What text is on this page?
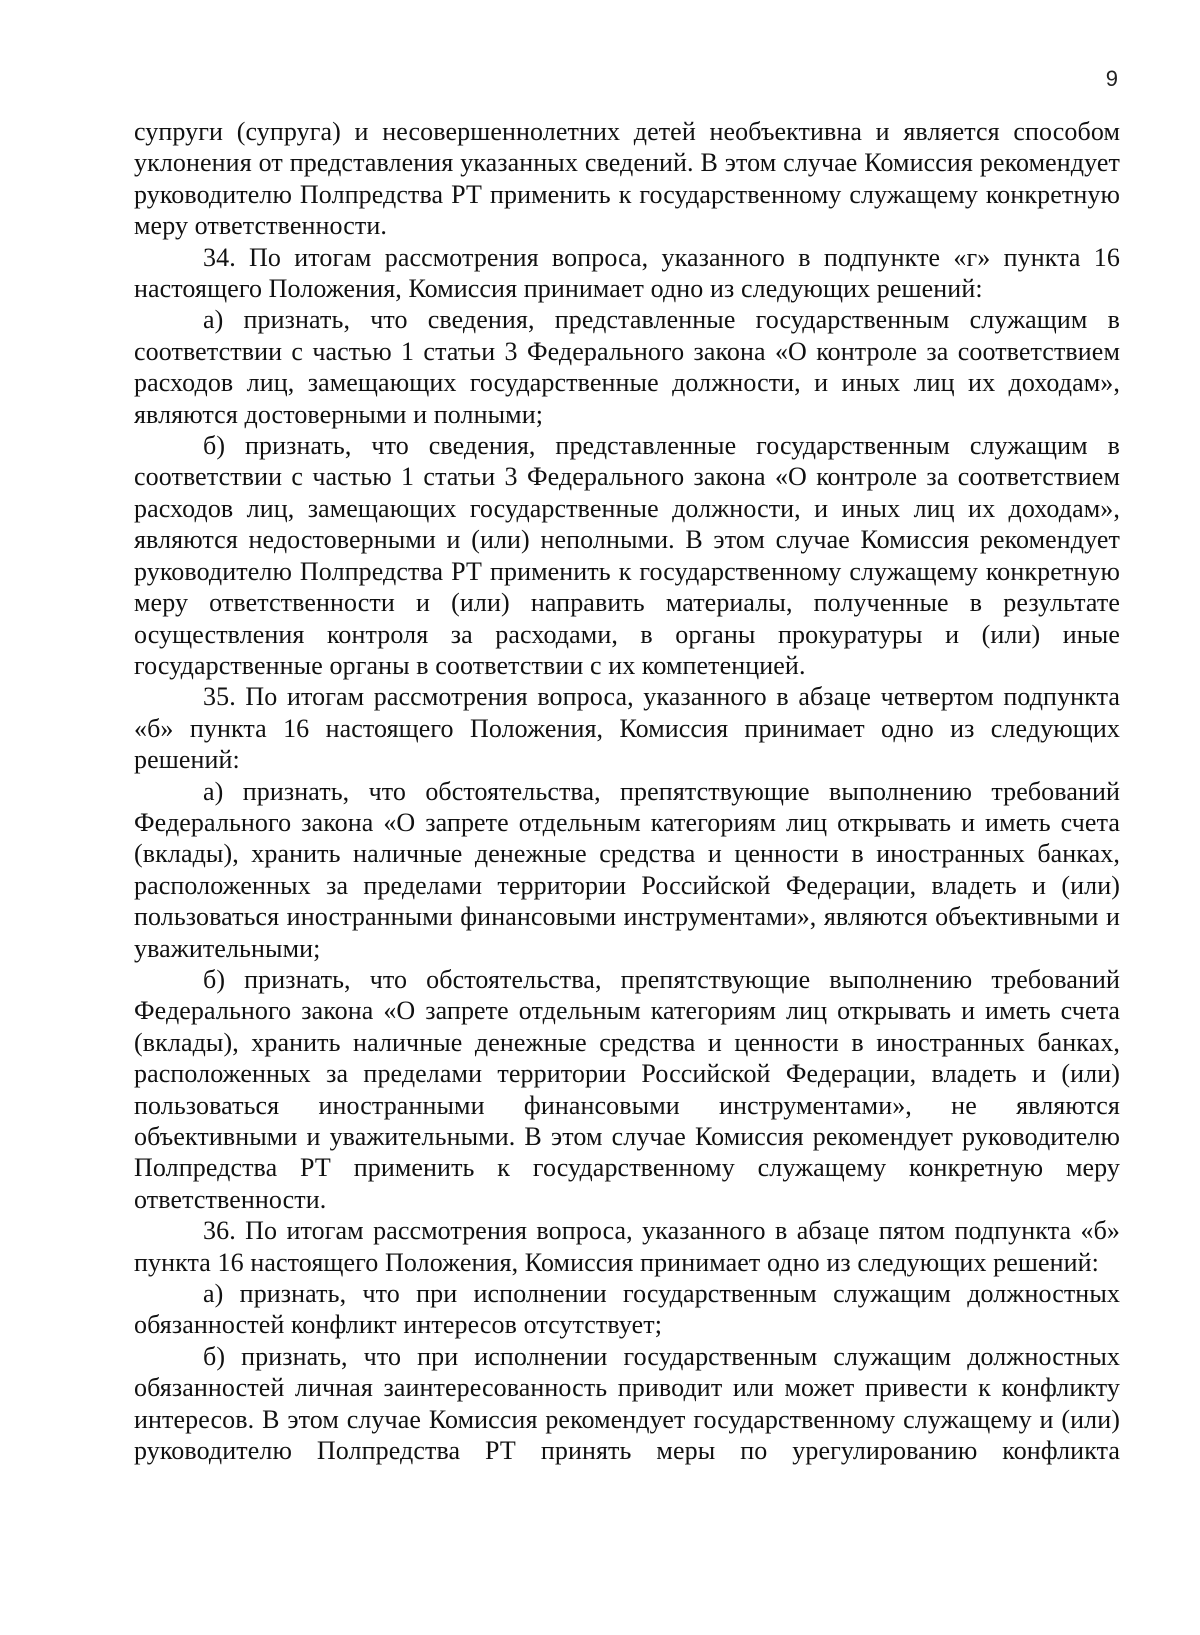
9

супруги (супруга) и несовершеннолетних детей необъективна и является способом уклонения от представления указанных сведений. В этом случае Комиссия рекомендует руководителю Полпредства РТ применить к государственному служащему конкретную меру ответственности.

34. По итогам рассмотрения вопроса, указанного в подпункте «г» пункта 16 настоящего Положения, Комиссия принимает одно из следующих решений:

а) признать, что сведения, представленные государственным служащим в соответствии с частью 1 статьи 3 Федерального закона «О контроле за соответствием расходов лиц, замещающих государственные должности, и иных лиц их доходам», являются достоверными и полными;

б) признать, что сведения, представленные государственным служащим в соответствии с частью 1 статьи 3 Федерального закона «О контроле за соответствием расходов лиц, замещающих государственные должности, и иных лиц их доходам», являются недостоверными и (или) неполными. В этом случае Комиссия рекомендует руководителю Полпредства РТ применить к государственному служащему конкретную меру ответственности и (или) направить материалы, полученные в результате осуществления контроля за расходами, в органы прокуратуры и (или) иные государственные органы в соответствии с их компетенцией.

35. По итогам рассмотрения вопроса, указанного в абзаце четвертом подпункта «б» пункта 16 настоящего Положения, Комиссия принимает одно из следующих решений:

а) признать, что обстоятельства, препятствующие выполнению требований Федерального закона «О запрете отдельным категориям лиц открывать и иметь счета (вклады), хранить наличные денежные средства и ценности в иностранных банках, расположенных за пределами территории Российской Федерации, владеть и (или) пользоваться иностранными финансовыми инструментами», являются объективными и уважительными;

б) признать, что обстоятельства, препятствующие выполнению требований Федерального закона «О запрете отдельным категориям лиц открывать и иметь счета (вклады), хранить наличные денежные средства и ценности в иностранных банках, расположенных за пределами территории Российской Федерации, владеть и (или) пользоваться иностранными финансовыми инструментами», не являются объективными и уважительными. В этом случае Комиссия рекомендует руководителю Полпредства РТ применить к государственному служащему конкретную меру ответственности.

36. По итогам рассмотрения вопроса, указанного в абзаце пятом подпункта «б» пункта 16 настоящего Положения, Комиссия принимает одно из следующих решений:

а) признать, что при исполнении государственным служащим должностных обязанностей конфликт интересов отсутствует;

б) признать, что при исполнении государственным служащим должностных обязанностей личная заинтересованность приводит или может привести к конфликту интересов. В этом случае Комиссия рекомендует государственному служащему и (или) руководителю Полпредства РТ принять меры по урегулированию конфликта
